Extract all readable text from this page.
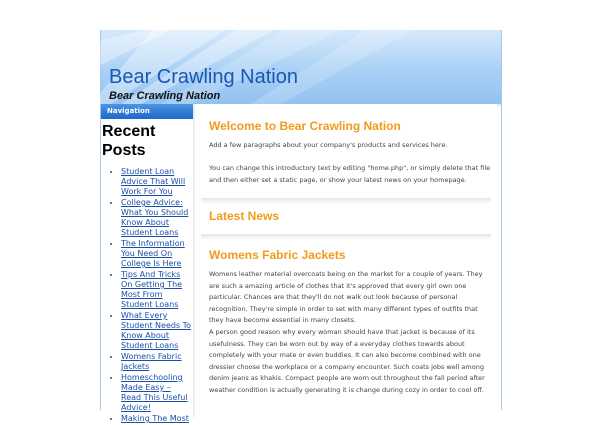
Bear Crawling Nation

Bear Crawling Nation

Navigation
Recent Posts
• Student Loan Advice That Will Work For You
• College Advice: What You Should Know About Student Loans
• The Information You Need On College Is Here
• Tips And Tricks On Getting The Most From Student Loans
• What Every Student Needs To Know About Student Loans
• Womens Fabric Jackets
• Homeschooling Made Easy – Read This Useful Advice!
• Making The Most
Welcome to Bear Crawling Nation

Add a few paragraphs about your company's products and services here.

You can change this introductory text by editing "home.php", or simply delete that file and then either set a static page, or show your latest news on your homepage.

Latest News
Womens Fabric Jackets

Womens leather material overcoats being on the market for a couple of years. They are such a amazing article of clothes that it's approved that every girl own one particular. Chances are that they'll do not walk out look because of personal recognition. They're simple in order to set with many different types of outfits that they have become essential in many closets.

A person good reason why every woman should have that jacket is because of its usefulness. They can be worn out by way of a everyday clothes towards about completely with your mate or even buddies. It can also become combined with one dressier choose the workplace or a company encounter. Such coats jobs well among denim jeans as khakis. Compact people are worn out throughout the fall period after weather condition is actually generating it is change during cozy in order to cool off.
